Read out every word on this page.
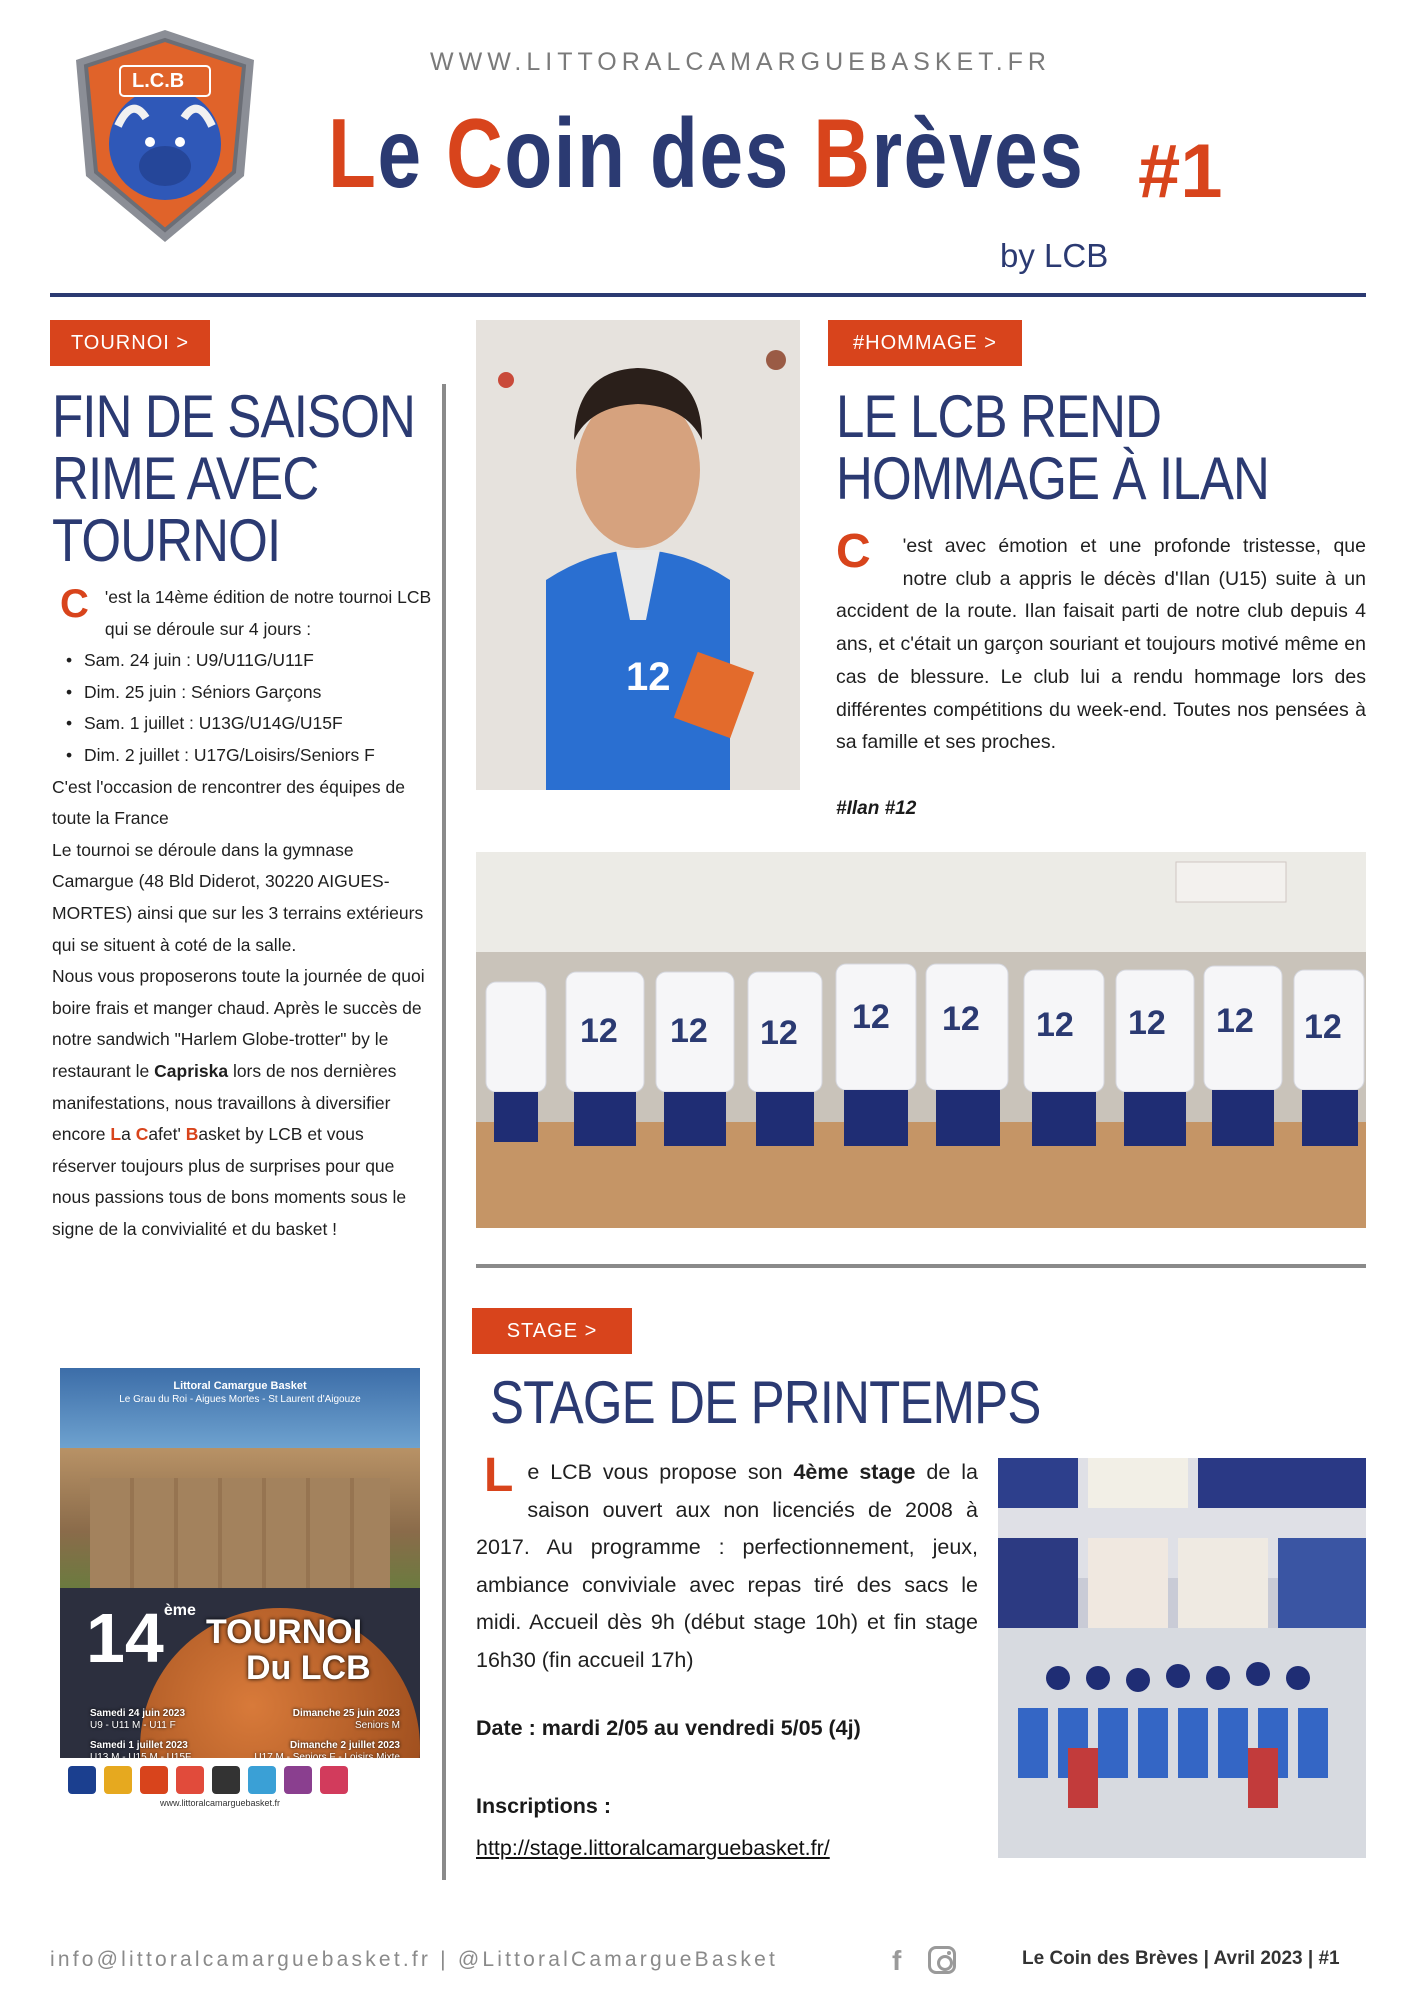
L.C.B
WWW.LITTORALCAMARGUEBASKET.FR
Le Coin des Brèves #1
by LCB
TOURNOI >
FIN DE SAISON
RIME AVEC
TOURNOI
C 'est la 14ème édition de notre tournoi LCB qui se déroule sur 4 jours :
• Sam. 24 juin : U9/U11G/U11F
• Dim. 25 juin : Séniors Garçons
• Sam. 1 juillet : U13G/U14G/U15F
• Dim. 2 juillet : U17G/Loisirs/Seniors F
C'est l'occasion de rencontrer des équipes de toute la France
Le tournoi se déroule dans la gymnase Camargue (48 Bld Diderot, 30220 AIGUES-MORTES) ainsi que sur les 3 terrains extérieurs qui se situent à coté de la salle.
Nous vous proposerons toute la journée de quoi boire frais et manger chaud. Après le succès de notre sandwich "Harlem Globe-trotter" by le restaurant le Capriska lors de nos dernières manifestations, nous travaillons à diversifier encore La Cafet' Basket by LCB et vous réserver toujours plus de surprises pour que nous passions tous de bons moments sous le signe de la convivialité et du basket !
Littoral Camargue Basket
Le Grau du Roi - Aigues Mortes - St Laurent d'Aigouze
14ème
TOURNOI
Du LCB
Samedi 24 juin 2023	Dimanche 25 juin 2023
U9 - U11 M - U11 F	Seniors M
Samedi 1 juillet 2023	Dimanche 2 juillet 2023
www.littoralcamarguebasket.fr
12
#HOMMAGE >
LE LCB REND
HOMMAGE À ILAN
C 'est avec émotion et une profonde tristesse, que notre club a appris le décès d'Ilan (U15) suite à un accident de la route. Ilan faisait parti de notre club depuis 4 ans, et c'était un garçon souriant et toujours motivé même en cas de blessure. Le club lui a rendu hommage lors des différentes compétitions du week-end. Toutes nos pensées à sa famille et ses proches.
#Ilan #12
12 12 12 12 12 12 12 12 12
STAGE >
STAGE DE PRINTEMPS
Le LCB vous propose son 4ème stage de la saison ouvert aux non licenciés de 2008 à 2017. Au programme : perfectionnement, jeux, ambiance conviviale avec repas tiré des sacs le midi. Accueil dès 9h (début stage 10h) et fin stage 16h30 (fin accueil 17h)
Date : mardi 2/05 au vendredi 5/05 (4j)
Inscriptions :
http://stage.littoralcamarguebasket.fr/
info@littoralcamarguebasket.fr | @LittoralCamargueBasket	f	Le Coin des Brèves | Avril 2023 | #1
